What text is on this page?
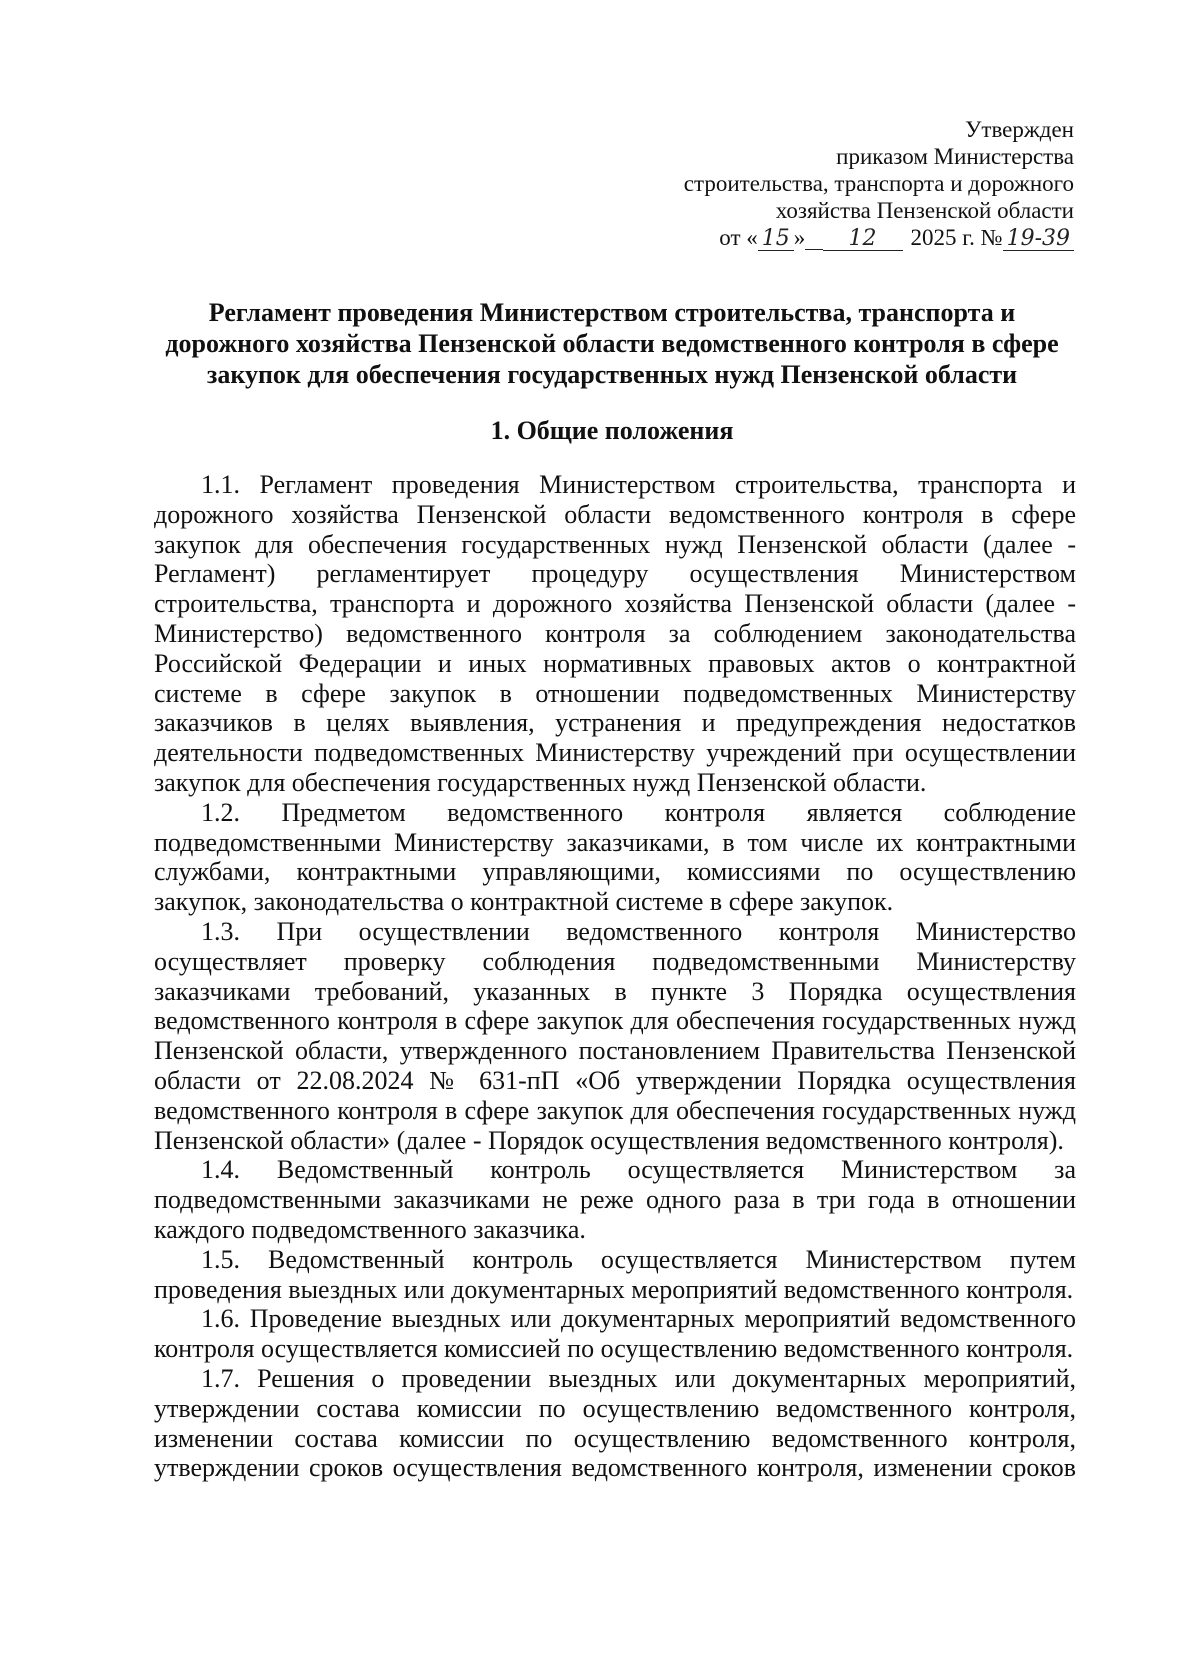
Утвержден
приказом Министерства
строительства, транспорта и дорожного
хозяйства Пензенской области
от « 15 » 12 2025 г. № 19-39
Регламент проведения Министерством строительства, транспорта и дорожного хозяйства Пензенской области ведомственного контроля в сфере закупок для обеспечения государственных нужд Пензенской области
1. Общие положения

1.1. Регламент проведения Министерством строительства, транспорта и дорожного хозяйства Пензенской области ведомственного контроля в сфере закупок для обеспечения государственных нужд Пензенской области (далее - Регламент) регламентирует процедуру осуществления Министерством строительства, транспорта и дорожного хозяйства Пензенской области (далее - Министерство) ведомственного контроля за соблюдением законодательства Российской Федерации и иных нормативных правовых актов о контрактной системе в сфере закупок в отношении подведомственных Министерству заказчиков в целях выявления, устранения и предупреждения недостатков деятельности подведомственных Министерству учреждений при осуществлении закупок для обеспечения государственных нужд Пензенской области.

1.2. Предметом ведомственного контроля является соблюдение подведомственными Министерству заказчиками, в том числе их контрактными службами, контрактными управляющими, комиссиями по осуществлению закупок, законодательства о контрактной системе в сфере закупок.

1.3. При осуществлении ведомственного контроля Министерство осуществляет проверку соблюдения подведомственными Министерству заказчиками требований, указанных в пункте 3 Порядка осуществления ведомственного контроля в сфере закупок для обеспечения государственных нужд Пензенской области, утвержденного постановлением Правительства Пензенской области от 22.08.2024 № 631-пП «Об утверждении Порядка осуществления ведомственного контроля в сфере закупок для обеспечения государственных нужд Пензенской области» (далее - Порядок осуществления ведомственного контроля).

1.4. Ведомственный контроль осуществляется Министерством за подведомственными заказчиками не реже одного раза в три года в отношении каждого подведомственного заказчика.

1.5. Ведомственный контроль осуществляется Министерством путем проведения выездных или документарных мероприятий ведомственного контроля.

1.6. Проведение выездных или документарных мероприятий ведомственного контроля осуществляется комиссией по осуществлению ведомственного контроля.

1.7. Решения о проведении выездных или документарных мероприятий, утверждении состава комиссии по осуществлению ведомственного контроля, изменении состава комиссии по осуществлению ведомственного контроля, утверждении сроков осуществления ведомственного контроля, изменении сроков
